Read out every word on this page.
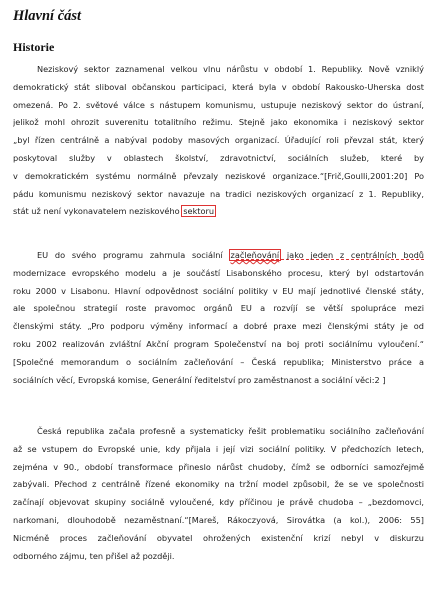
Hlavní část
Historie
Neziskový sektor zaznamenal velkou vlnu nárůstu v období 1. Republiky. Nově vzniklý
demokratický stát sliboval občanskou participaci, která byla v období Rakousko-Uherska dost
omezená. Po 2. světové válce s nástupem komunismu, ustupuje neziskový sektor do ústraní,
jelikož mohl ohrozit suverenitu totalitního režimu. Stejně jako ekonomika i neziskový sektor
„byl řízen centrálně a nabýval podoby masových organizací. Úřadující roli převzal stát, který
poskytoval služby v oblastech školství, zdravotnictví, sociálních služeb, které by
v demokratickém systému normálně převzaly neziskové organizace.“[Frič,Goulli,2001:20] Po
pádu komunismu neziskový sektor navazuje na tradici neziskových organizací z 1. Republiky,
stát už není vykonavatelem neziskového sektoru
EU do svého programu zahrnula sociální začleňování jako jeden z centrálních bodů
modernizace evropského modelu a je součástí Lisabonského procesu, který byl odstartován
roku 2000 v Lisabonu. Hlavní odpovědnost sociální politiky v EU mají jednotlivé členské státy,
ale společnou strategií roste pravomoc orgánů EU a rozvíjí se větší spolupráce mezi
členskými státy. „Pro podporu výměny informací a dobré praxe mezi členskými státy je od
roku 2002 realizován zvláštní Akční program Společenství na boj proti sociálnímu vyloučení.“
[Společné memorandum o sociálním začleňování – Česká republika; Ministerstvo práce a
sociálních věcí, Evropská komise, Generální ředitelství pro zaměstnanost a sociální věci:2 ]
Česká republika začala profesně a systematicky řešit problematiku sociálního začleňování
až se vstupem do Evropské unie, kdy přijala i její vizi sociální politiky. V předchozích letech,
zejména v 90., období transformace přineslo nárůst chudoby, čímž se odborníci samozřejmě
zabývali. Přechod z centrálně řízené ekonomiky na tržní model způsobil, že se ve společnosti
začínají objevovat skupiny sociálně vyloučené, kdy příčinou je právě chudoba – „bezdomovci,
narkomani, dlouhodobě nezaměstnaní.“[Mareš, Rákoczyová, Sirovátka (a kol.), 2006: 55]
Nicméně proces začleňování obyvatel ohrožených existenční krizí nebyl v diskurzu
odborného zájmu, ten přišel až později.
